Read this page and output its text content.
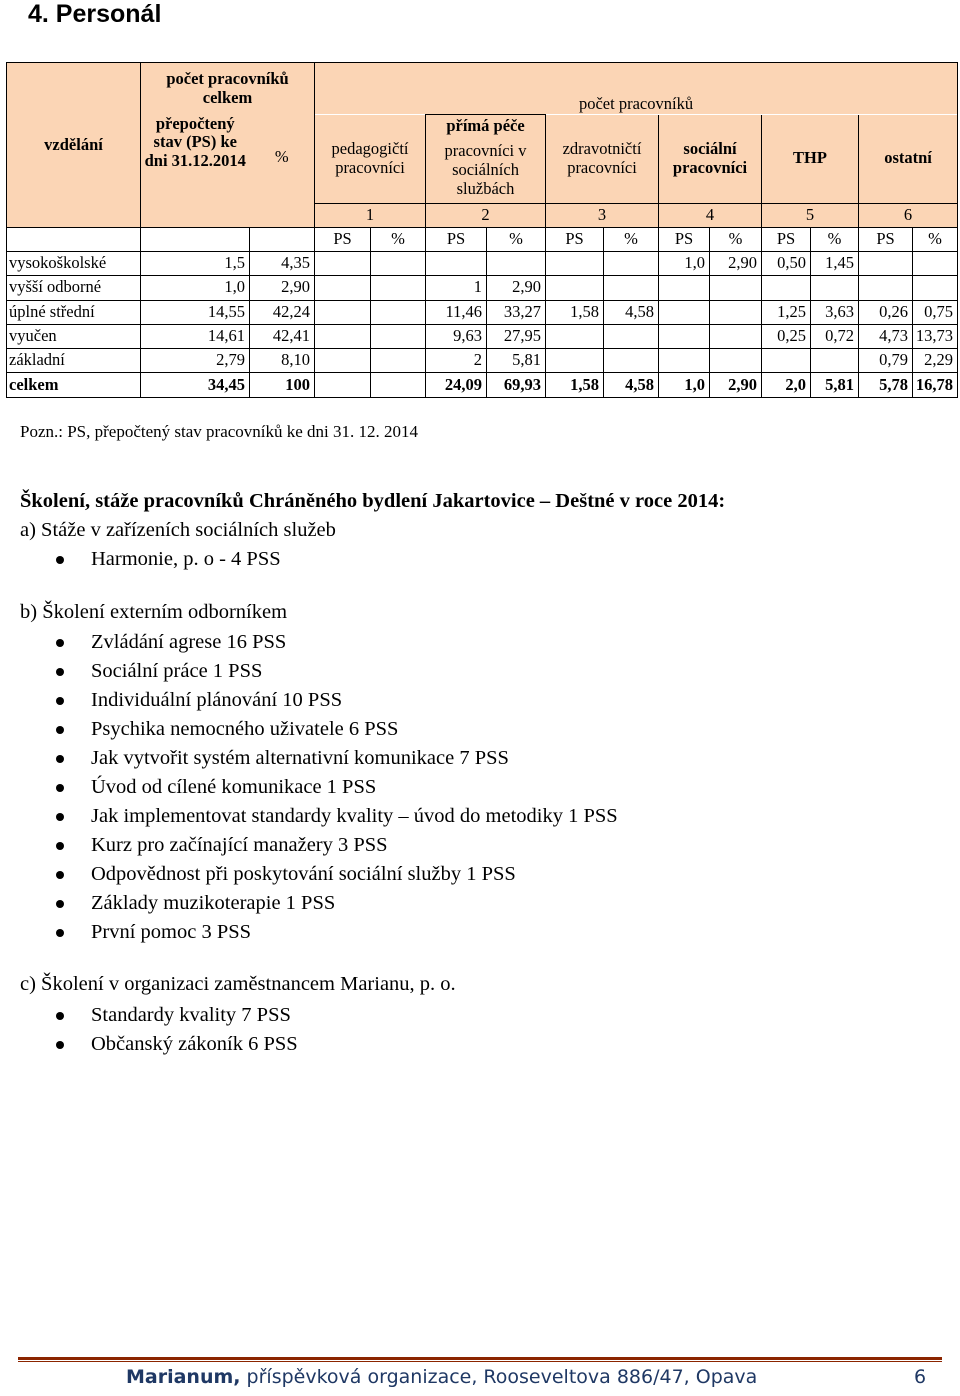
4. Personál
vzdělání	počet pracovníků celkem		počet pracovníků											
	přepočtený stav (PS) ke dni 31.12.2014	%	pedagogičtí pracovníci		přímá péče		zdravotničtí pracovníci		sociální pracovníci		THP		ostatní	
					pracovníci v sociálních službách									
			1		2		3		4		5		6	
			PS	%	PS	%	PS	%	PS	%	PS	%	PS	%
vysokoškolské	1,5	4,35							1,0	2,90	0,50	1,45		
vyšší odborné	1,0	2,90			1	2,90								
úplné střední	14,55	42,24			11,46	33,27	1,58	4,58			1,25	3,63	0,26	0,75
vyučen	14,61	42,41			9,63	27,95					0,25	0,72	4,73	13,73
základní	2,79	8,10			2	5,81							0,79	2,29
celkem	34,45	100			24,09	69,93	1,58	4,58	1,0	2,90	2,0	5,81	5,78	16,78
Pozn.: PS, přepočtený stav pracovníků ke dni 31. 12. 2014
Školení, stáže pracovníků Chráněného bydlení Jakartovice – Deštné v roce 2014:
a) Stáže v zařízeních sociálních služeb
Harmonie, p. o - 4 PSS
b) Školení externím odborníkem
Zvládání agrese 16 PSS
Sociální práce 1 PSS
Individuální plánování 10 PSS
Psychika nemocného uživatele 6 PSS
Jak vytvořit systém alternativní komunikace 7 PSS
Úvod od cílené komunikace 1 PSS
Jak implementovat standardy kvality – úvod do metodiky 1 PSS
Kurz pro začínající manažery 3 PSS
Odpovědnost při poskytování sociální služby 1 PSS
Základy muzikoterapie 1 PSS
První pomoc 3 PSS
c) Školení v organizaci zaměstnancem Marianu, p. o.
Standardy kvality 7 PSS
Občanský zákoník 6 PSS
Marianum, příspěvková organizace, Rooseveltova 886/47, Opava	6
